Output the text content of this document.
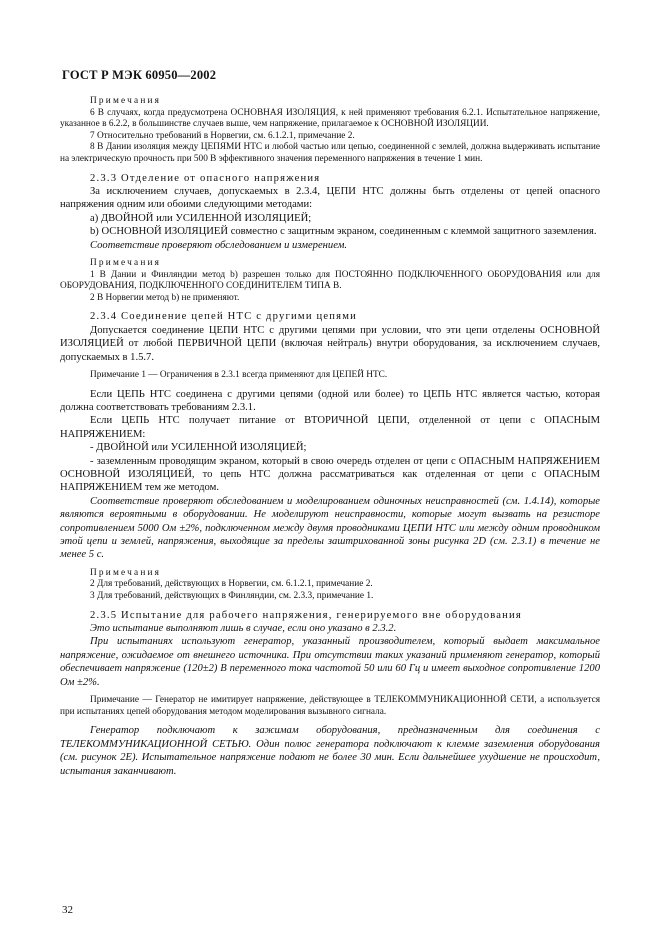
ГОСТ Р МЭК 60950—2002

Примечания

6 В случаях, когда предусмотрена ОСНОВНАЯ ИЗОЛЯЦИЯ, к ней применяют требования 6.2.1. Испытательное напряжение, указанное в 6.2.2, в большинстве случаев выше, чем напряжение, прилагаемое к ОСНОВНОЙ ИЗОЛЯЦИИ.

7 Относительно требований в Норвегии, см. 6.1.2.1, примечание 2.

8 В Дании изоляция между ЦЕПЯМИ НТС и любой частью или цепью, соединенной с землей, должна выдерживать испытание на электрическую прочность при 500 В эффективного значения переменного напряжения в течение 1 мин.

2.3.3 Отделение от опасного напряжения

За исключением случаев, допускаемых в 2.3.4, ЦЕПИ НТС должны быть отделены от цепей опасного напряжения одним или обоими следующими методами:

а) ДВОЙНОЙ или УСИЛЕННОЙ ИЗОЛЯЦИЕЙ;

b) ОСНОВНОЙ ИЗОЛЯЦИЕЙ совместно с защитным экраном, соединенным с клеммой защитного заземления.

Соответствие проверяют обследованием и измерением.

Примечания

1 В Дании и Финляндии метод b) разрешен только для ПОСТОЯННО ПОДКЛЮЧЕННОГО ОБОРУДОВАНИЯ или для ОБОРУДОВАНИЯ, ПОДКЛЮЧЕННОГО СОЕДИНИТЕЛЕМ ТИПА В.

2 В Норвегии метод b) не применяют.

2.3.4 Соединение цепей НТС с другими цепями

Допускается соединение ЦЕПИ НТС с другими цепями при условии, что эти цепи отделены ОСНОВНОЙ ИЗОЛЯЦИЕЙ от любой ПЕРВИЧНОЙ ЦЕПИ (включая нейтраль) внутри оборудования, за исключением случаев, допускаемых в 1.5.7.

Примечание 1 — Ограничения в 2.3.1 всегда применяют для ЦЕПЕЙ НТС.

Если ЦЕПЬ НТС соединена с другими цепями (одной или более) то ЦЕПЬ НТС является частью, которая должна соответствовать требованиям 2.3.1.

Если ЦЕПЬ НТС получает питание от ВТОРИЧНОЙ ЦЕПИ, отделенной от цепи с ОПАСНЫМ НАПРЯЖЕНИЕМ:

- ДВОЙНОЙ или УСИЛЕННОЙ ИЗОЛЯЦИЕЙ;

- заземленным проводящим экраном, который в свою очередь отделен от цепи с ОПАСНЫМ НАПРЯЖЕНИЕМ ОСНОВНОЙ ИЗОЛЯЦИЕЙ, то цепь НТС должна рассматриваться как отделенная от цепи с ОПАСНЫМ НАПРЯЖЕНИЕМ тем же методом.

Соответствие проверяют обследованием и моделированием одиночных неисправностей (см. 1.4.14), которые являются вероятными в оборудовании. Не моделируют неисправности, которые могут вызвать на резисторе сопротивлением 5000 Ом ±2%, подключенном между двумя проводниками ЦЕПИ НТС или между одним проводником этой цепи и землей, напряжения, выходящие за пределы заштрихованной зоны рисунка 2D (см. 2.3.1) в течение не менее 5 с.

Примечания

2 Для требований, действующих в Норвегии, см. 6.1.2.1, примечание 2.

3 Для требований, действующих в Финляндии, см. 2.3.3, примечание 1.

2.3.5 Испытание для рабочего напряжения, генерируемого вне оборудования

Это испытание выполняют лишь в случае, если оно указано в 2.3.2.

При испытаниях используют генератор, указанный производителем, который выдает максимальное напряжение, ожидаемое от внешнего источника. При отсутствии таких указаний применяют генератор, который обеспечивает напряжение (120±2) В переменного тока частотой 50 или 60 Гц и имеет выходное сопротивление 1200 Ом ±2%.

Примечание — Генератор не имитирует напряжение, действующее в ТЕЛЕКОММУНИКАЦИОННОЙ СЕТИ, а используется при испытаниях цепей оборудования методом моделирования вызывного сигнала.

Генератор подключают к зажимам оборудования, предназначенным для соединения с ТЕЛЕКОММУНИКАЦИОННОЙ СЕТЬЮ. Один полюс генератора подключают к клемме заземления оборудования (см. рисунок 2E). Испытательное напряжение подают не более 30 мин. Если дальнейшее ухудшение не происходит, испытания заканчивают.

32
